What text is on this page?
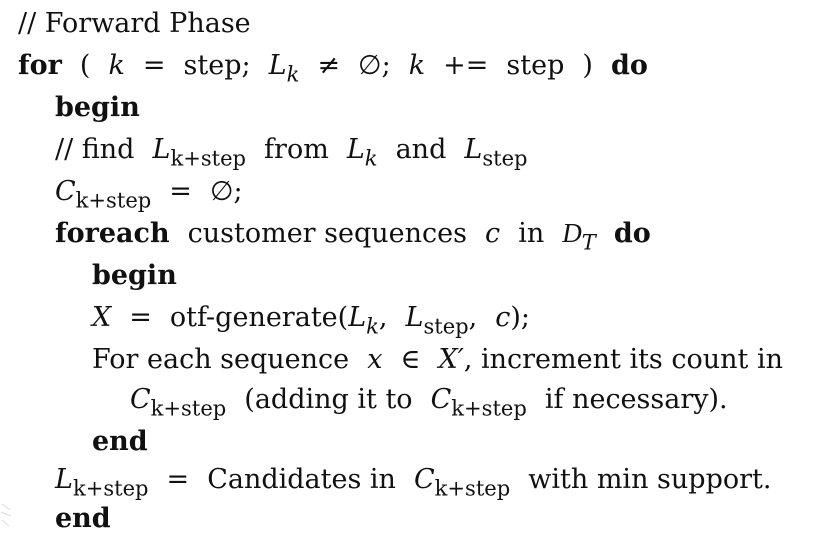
// Forward Phase
for ( k = step; $L_k$ ≠ ∅; k += step ) do
begin
// find $L_{k+step}$ from $L_k$ and $L_{step}$
$C_{k+step}$ = ∅;
foreach customer sequences c in $D_T$ do
begin
X = otf-$generate(L_k$, $L_{step}$, c);
For each sequence x ∈ X′, increment its count in
$C_{k+step}$ (adding it to $C_{k+step}$ if necessary).
end
$L_{k+step}$ = Candidates in $C_{k+step}$ with min support.
end
